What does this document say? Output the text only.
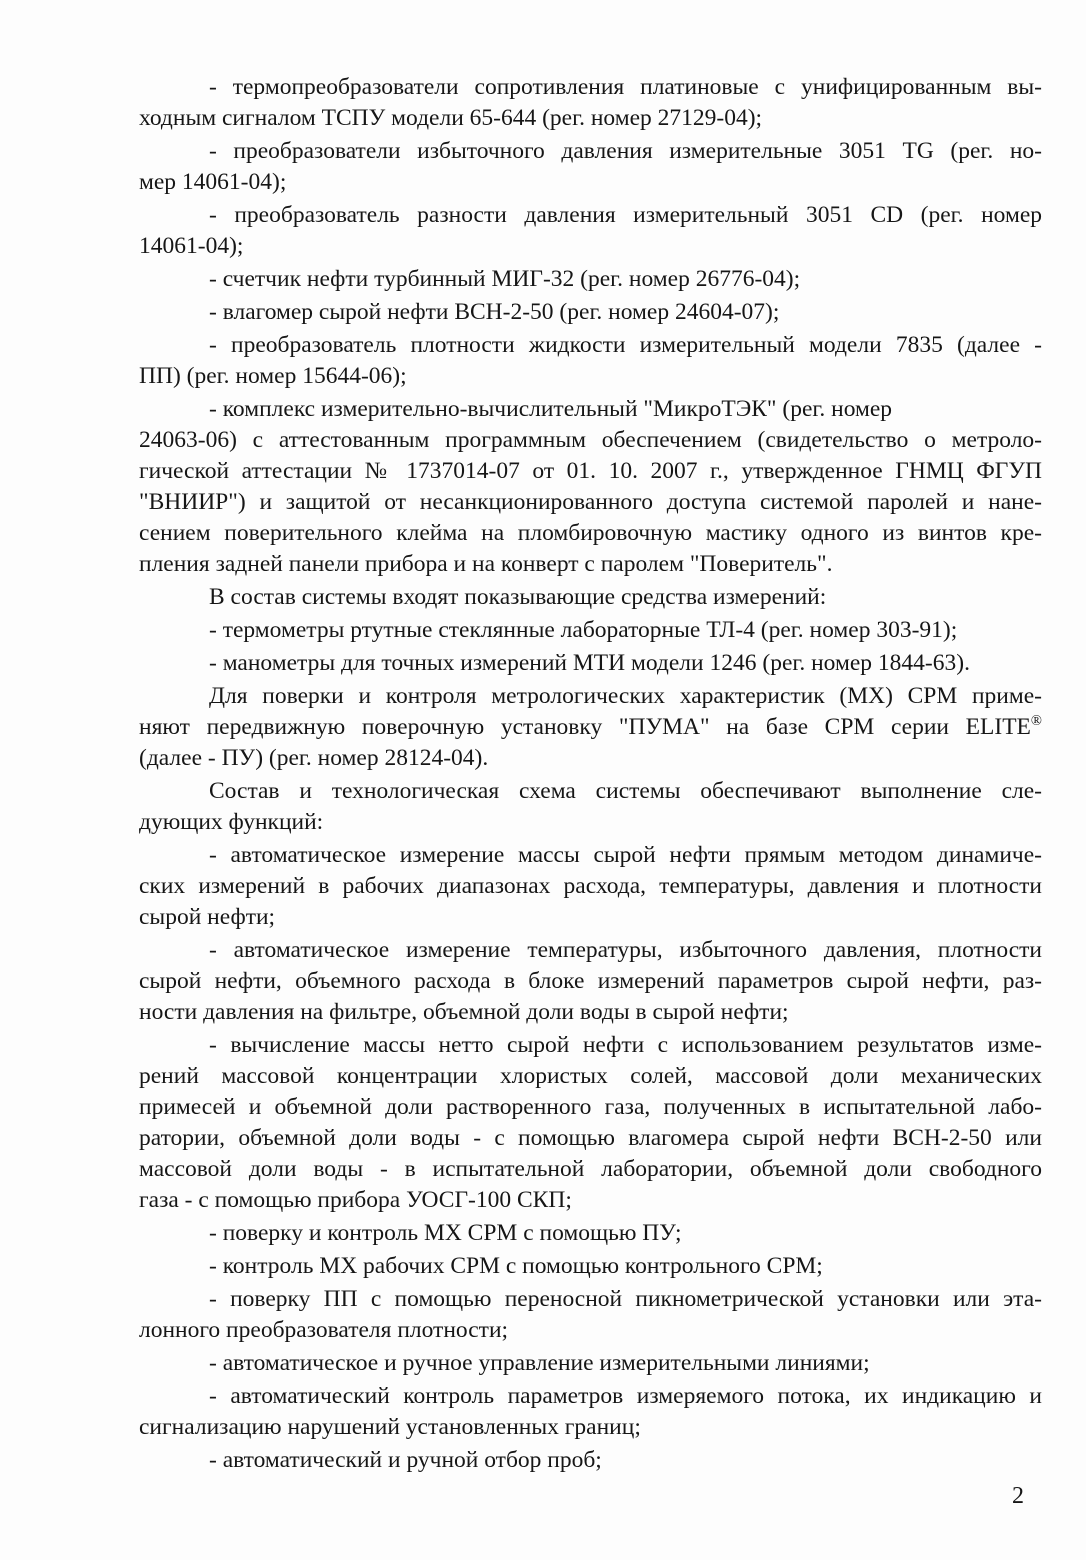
- термопреобразователи сопротивления платиновые с унифицированным вы-
ходным сигналом ТСПУ модели 65-644 (рег. номер 27129-04);
- преобразователи избыточного давления измерительные 3051 TG (рег. но-
мер 14061-04);
- преобразователь разности давления измерительный 3051 CD (рег. номер
14061-04);
- счетчик нефти турбинный МИГ-32 (рег. номер 26776-04);
- влагомер сырой нефти ВСН-2-50 (рег. номер 24604-07);
- преобразователь плотности жидкости измерительный модели 7835 (далее -
ПП) (рег. номер 15644-06);
- комплекс измерительно-вычислительный "МикроТЭК" (рег. номер
24063-06) с аттестованным программным обеспечением (свидетельство о метроло-
гической аттестации № 1737014-07 от 01. 10. 2007 г., утвержденное ГНМЦ ФГУП
"ВНИИР") и защитой от несанкционированного доступа системой паролей и нане-
сением поверительного клейма на пломбировочную мастику одного из винтов кре-
пления задней панели прибора и на конверт с паролем "Поверитель".
В состав системы входят показывающие средства измерений:
- термометры ртутные стеклянные лабораторные ТЛ-4 (рег. номер 303-91);
- манометры для точных измерений МТИ модели 1246 (рег. номер 1844-63).
Для поверки и контроля метрологических характеристик (МХ) СРМ приме-
няют передвижную поверочную установку "ПУМА" на базе СРМ серии ELITE®
(далее - ПУ) (рег. номер 28124-04).
Состав и технологическая схема системы обеспечивают выполнение сле-
дующих функций:
- автоматическое измерение массы сырой нефти прямым методом динамиче-
ских измерений в рабочих диапазонах расхода, температуры, давления и плотности
сырой нефти;
- автоматическое измерение температуры, избыточного давления, плотности
сырой нефти, объемного расхода в блоке измерений параметров сырой нефти, раз-
ности давления на фильтре, объемной доли воды в сырой нефти;
- вычисление массы нетто сырой нефти с использованием результатов изме-
рений массовой концентрации хлористых солей, массовой доли механических
примесей и объемной доли растворенного газа, полученных в испытательной лабо-
ратории, объемной доли воды - с помощью влагомера сырой нефти ВСН-2-50 или
массовой доли воды - в испытательной лаборатории, объемной доли свободного
газа - с помощью прибора УОСГ-100 СКП;
- поверку и контроль МХ СРМ с помощью ПУ;
- контроль МХ рабочих СРМ с помощью контрольного СРМ;
- поверку ПП с помощью переносной пикнометрической установки или эта-
лонного преобразователя плотности;
- автоматическое и ручное управление измерительными линиями;
- автоматический контроль параметров измеряемого потока, их индикацию и
сигнализацию нарушений установленных границ;
- автоматический и ручной отбор проб;
2
